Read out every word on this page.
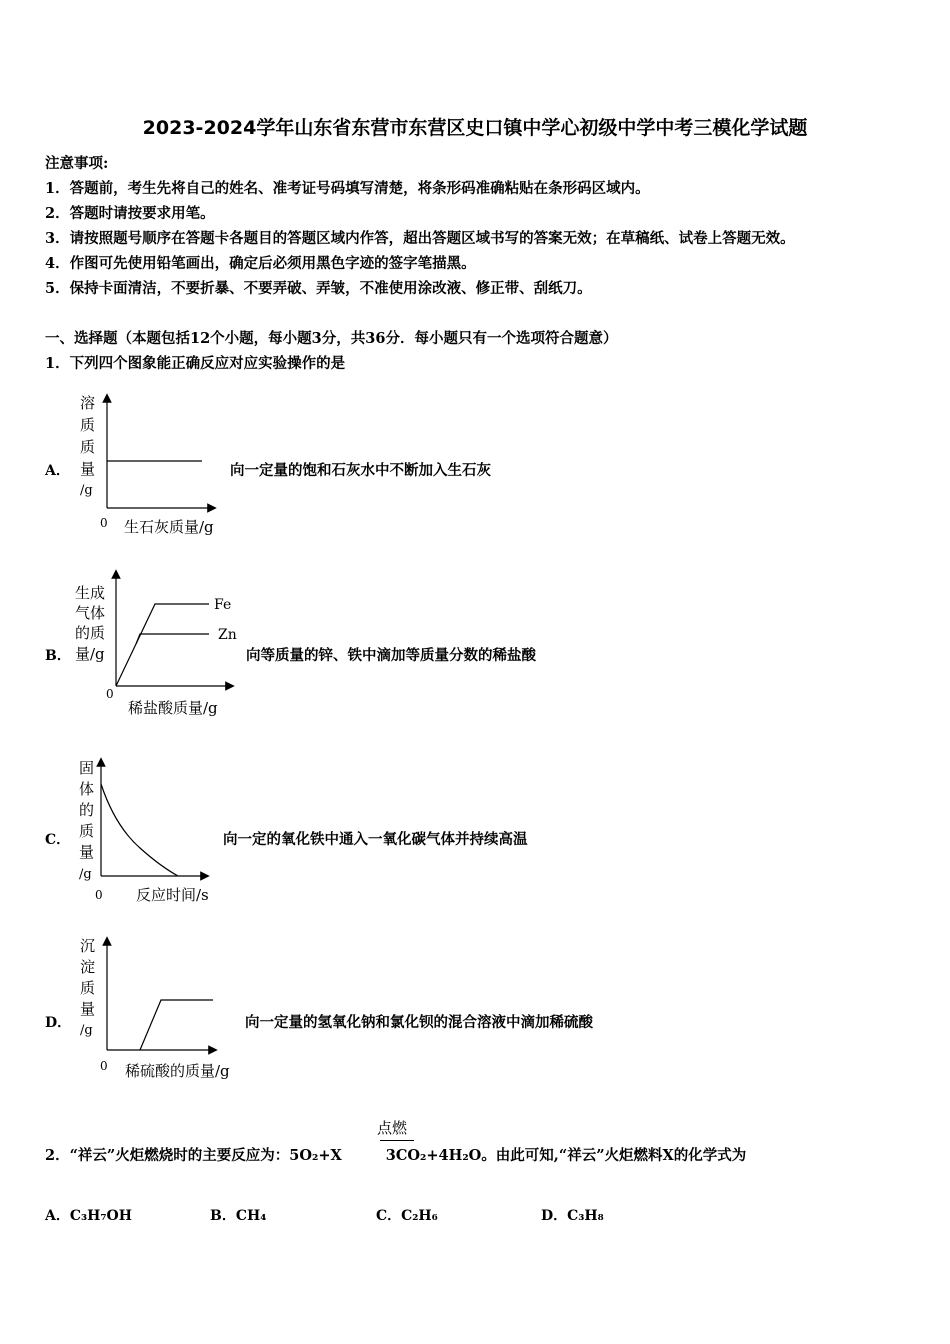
2023-2024学年山东省东营市东营区史口镇中学心初级中学中考三模化学试题
注意事项:
1．答题前，考生先将自己的姓名、准考证号码填写清楚，将条形码准确粘贴在条形码区域内。
2．答题时请按要求用笔。
3．请按照题号顺序在答题卡各题目的答题区域内作答，超出答题区域书写的答案无效；在草稿纸、试卷上答题无效。
4．作图可先使用铅笔画出，确定后必须用黑色字迹的签字笔描黑。
5．保持卡面清洁，不要折暴、不要弄破、弄皱，不准使用涂改液、修正带、刮纸刀。
一、选择题（本题包括12个小题，每小题3分，共36分．每小题只有一个选项符合题意）
1．下列四个图象能正确反应对应实验操作的是
A．	向一定量的饱和石灰水中不断加入生石灰
溶
质
质
量
/g
0 生石灰质量/g
B．	向等质量的锌、铁中滴加等质量分数的稀盐酸
生成
气体
的质
量/g
Fe
Zn
0
稀盐酸质量/g
C．	向一定的氧化铁中通入一氧化碳气体并持续高温
固
体
的
质
量
/g
0 反应时间/s
D．	向一定量的氢氧化钠和氯化钡的混合溶液中滴加稀硫酸
沉
淀
质
量
/g
0 稀硫酸的质量/g
点燃
2．“祥云”火炬燃烧时的主要反应为：5O₂+X	3CO₂+4H₂O。由此可知,“祥云”火炬燃料X的化学式为
A．C₃H₇OH	B．CH₄	C．C₂H₆	D．C₃H₈
